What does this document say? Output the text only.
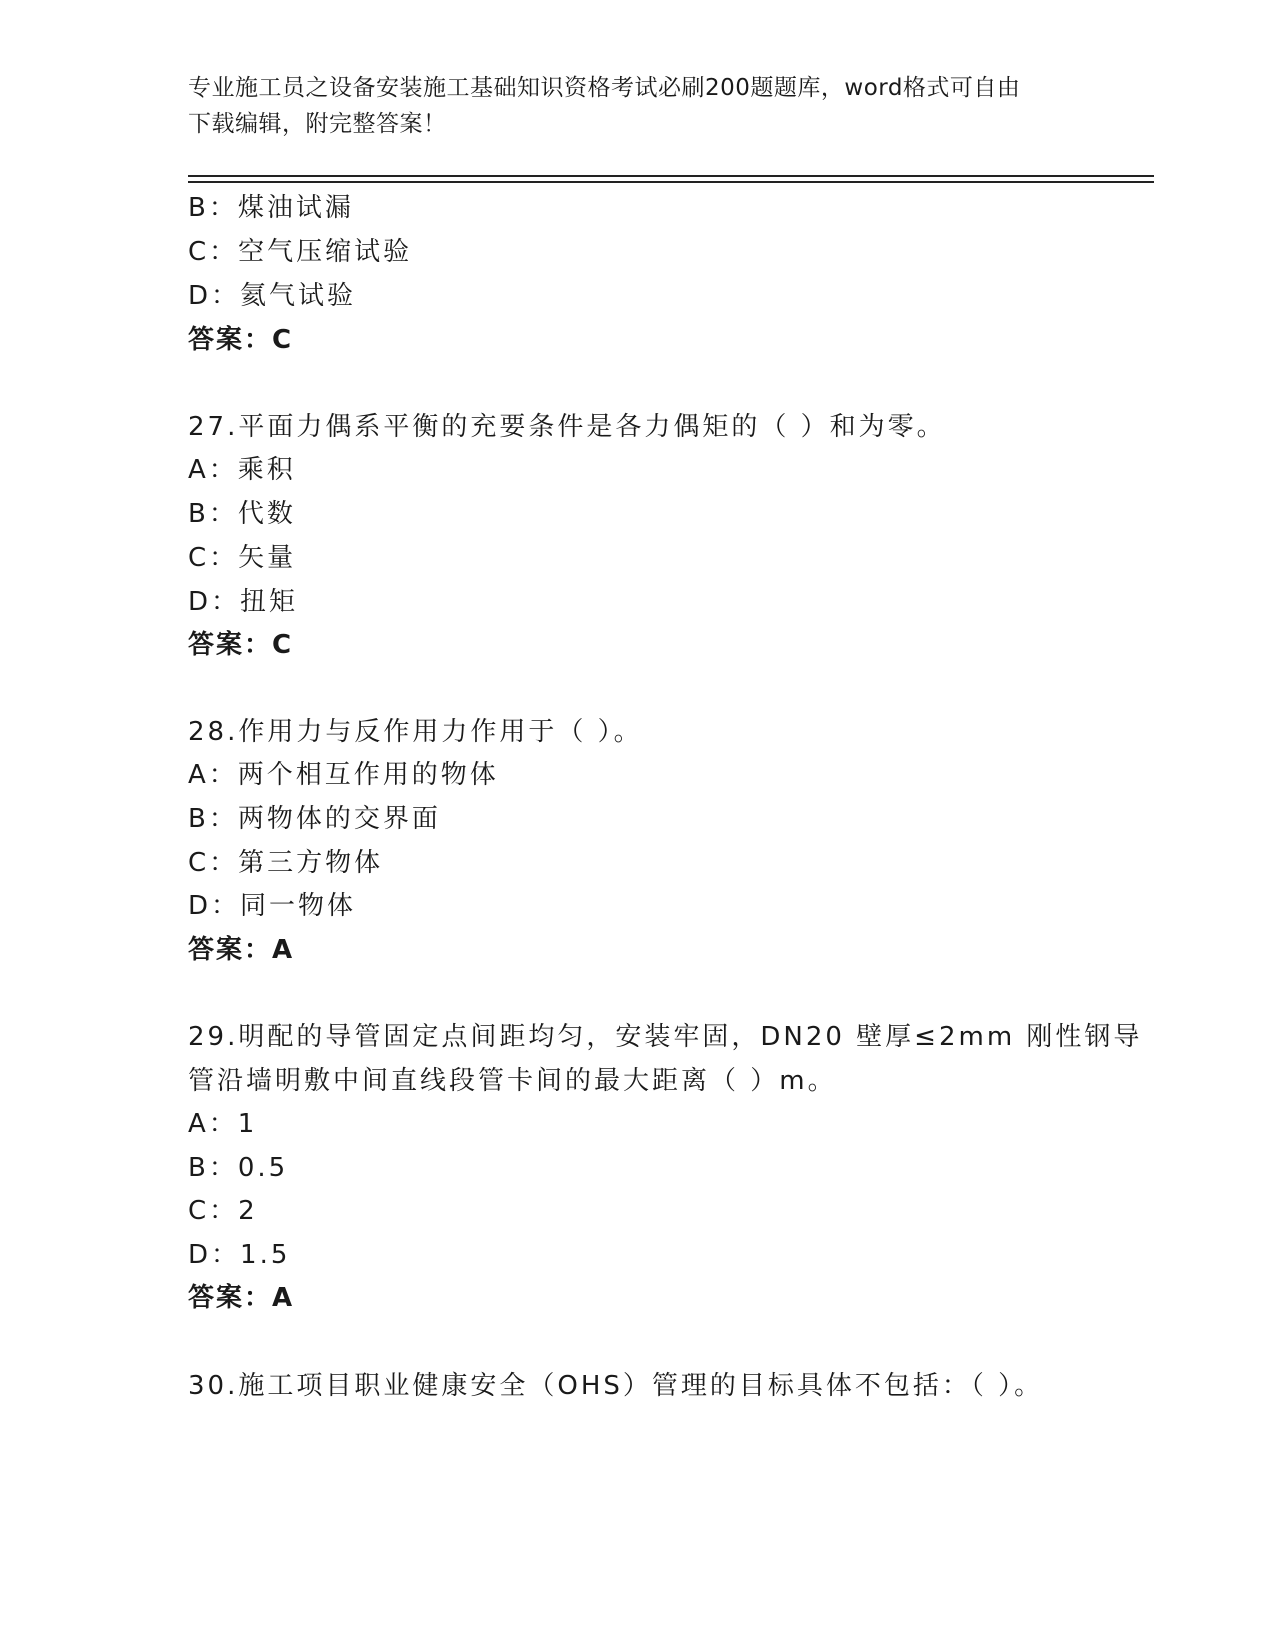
专业施工员之设备安装施工基础知识资格考试必刷200题题库，word格式可自由
下载编辑，附完整答案！
B：煤油试漏
C：空气压缩试验
D：氦气试验
答案：C
27.平面力偶系平衡的充要条件是各力偶矩的（ ）和为零。
A：乘积
B：代数
C：矢量
D：扭矩
答案：C
28.作用力与反作用力作用于（ ）。
A：两个相互作用的物体
B：两物体的交界面
C：第三方物体
D：同一物体
答案：A
29.明配的导管固定点间距均匀，安装牢固，DN20 壁厚≤2mm 刚性钢导
管沿墙明敷中间直线段管卡间的最大距离（ ）m。
A：1
B：0.5
C：2
D：1.5
答案：A
30.施工项目职业健康安全（OHS）管理的目标具体不包括：（ ）。
